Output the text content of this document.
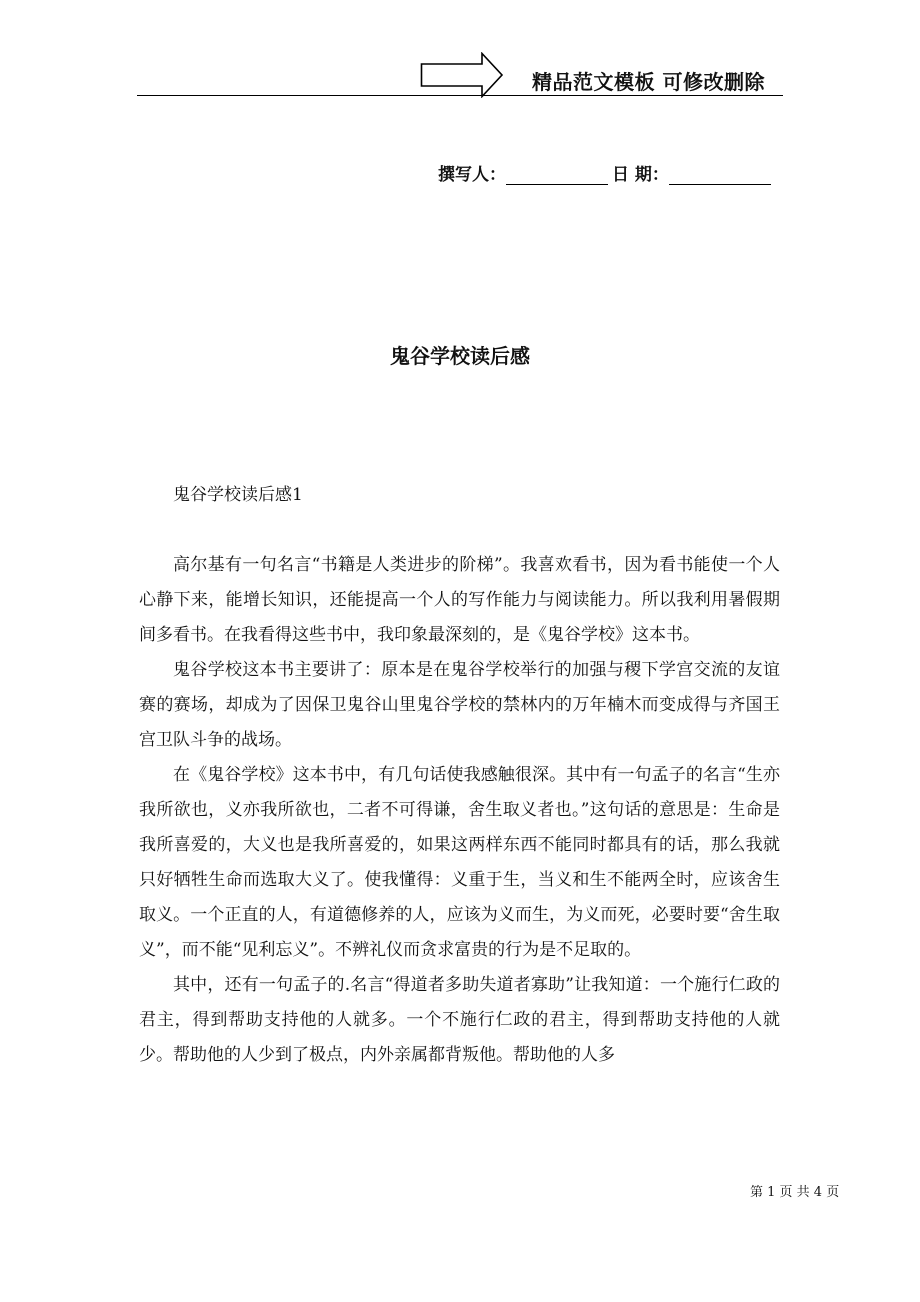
精品范文模板 可修改删除
撰写人：	日 期：
鬼谷学校读后感

鬼谷学校读后感1

高尔基有一句名言“书籍是人类进步的阶梯”。我喜欢看书，因为看书能使一个人心静下来，能增长知识，还能提高一个人的写作能力与阅读能力。所以我利用暑假期间多看书。在我看得这些书中，我印象最深刻的，是《鬼谷学校》这本书。

鬼谷学校这本书主要讲了：原本是在鬼谷学校举行的加强与稷下学宫交流的友谊赛的赛场，却成为了因保卫鬼谷山里鬼谷学校的禁林内的万年楠木而变成得与齐国王宫卫队斗争的战场。

在《鬼谷学校》这本书中，有几句话使我感触很深。其中有一句孟子的名言“生亦我所欲也，义亦我所欲也，二者不可得谦，舍生取义者也。”这句话的意思是：生命是我所喜爱的，大义也是我所喜爱的，如果这两样东西不能同时都具有的话，那么我就只好牺牲生命而选取大义了。使我懂得：义重于生，当义和生不能两全时，应该舍生取义。一个正直的人，有道德修养的人，应该为义而生，为义而死，必要时要“舍生取义”，而不能“见利忘义”。不辨礼仪而贪求富贵的行为是不足取的。

其中，还有一句孟子的.名言“得道者多助失道者寡助”让我知道：一个施行仁政的君主，得到帮助支持他的人就多。一个不施行仁政的君主，得到帮助支持他的人就少。帮助他的人少到了极点，内外亲属都背叛他。帮助他的人多

第 1 页 共 4 页
